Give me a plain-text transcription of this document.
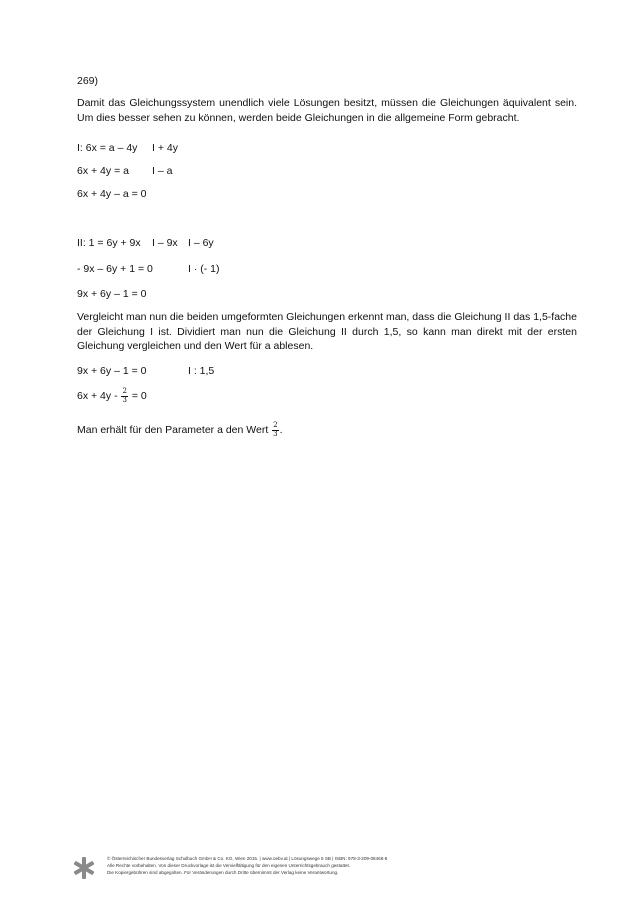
269)
Damit das Gleichungssystem unendlich viele Lösungen besitzt, müssen die Gleichungen äquivalent sein. Um dies besser sehen zu können, werden beide Gleichungen in die allgemeine Form gebracht.
I: 6x = a – 4y I + 4y
6x + 4y = a I – a
6x + 4y – a = 0
II: 1 = 6y + 9x I – 9x I – 6y
- 9x – 6y + 1 = 0	I · (- 1)
9x + 6y – 1 = 0
Vergleicht man nun die beiden umgeformten Gleichungen erkennt man, dass die Gleichung II das 1,5-fache der Gleichung I ist. Dividiert man nun die Gleichung II durch 1,5, so kann man direkt mit der ersten Gleichung vergleichen und den Wert für a ablesen.
9x + 6y – 1 = 0	I : 1,5
$6x + 4y - \frac{2}{3} = 0$
Man erhält für den Parameter a den Wert $\frac{2}{3}$ .
© Österreichischer Bundesverlag Schulbuch GmbH & Co. KG, Wien 2015. | www.oebv.at | Lösungswege 5 SB | ISBN: 978-3-209-08466-8
Alle Rechte vorbehalten. Von dieser Druckvorlage ist die Vervielfältigung für den eigenen Unterrichtsgebrauch gestattet.
Die Kopiergebühren sind abgegolten. Für Veränderungen durch Dritte übernimmt der Verlag keine Verantwortung.
